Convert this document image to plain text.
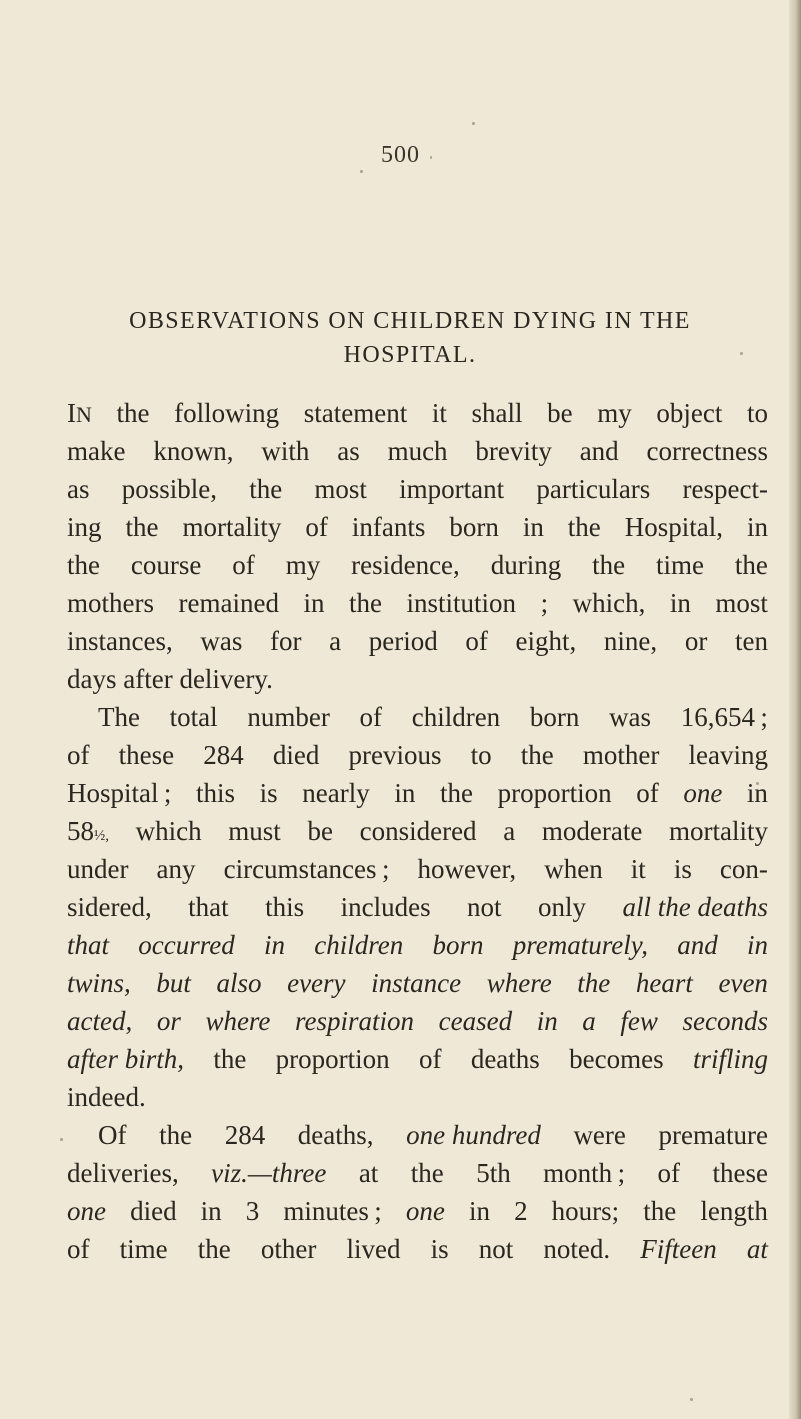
500
OBSERVATIONS ON CHILDREN DYING IN THE
HOSPITAL.
IN the following statement it shall be my object to
make known, with as much brevity and correctness
as possible, the most important particulars respect-
ing the mortality of infants born in the Hospital, in
the course of my residence, during the time the
mothers remained in the institution ; which, in most
instances, was for a period of eight, nine, or ten
days after delivery.
The total number of children born was 16,654  ;
of these 284 died previous to the mother leaving
Hospital  ; this is nearly in the proportion of one in
58½, which must be considered a moderate mortality
under any circumstances  ; however, when it is con-
sidered, that this includes not only all the deaths
that occurred in children born prematurely, and in
twins, but also every instance where the heart even
acted, or where respiration ceased in a few seconds
after birth, the proportion of deaths becomes trifling
indeed.
Of the 284 deaths, one hundred were premature
deliveries, viz.—three at the 5th month  ; of these
one died in 3 minutes  ; one in 2 hours; the length
of time the other lived is not noted. Fifteen at
